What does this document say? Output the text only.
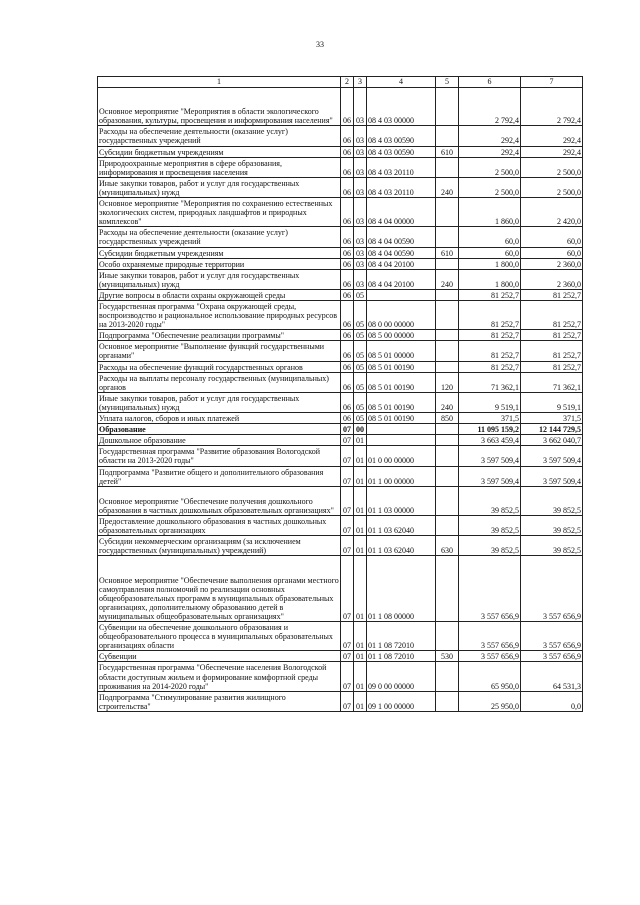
33
1	2	3	4	5	6	7
Основное мероприятие "Мероприятия в области экологического образования, культуры, просвещения и информирования населения"	06	03	08 4 03 00000		2 792,4	2 792,4
Расходы на обеспечение деятельности (оказание услуг) государственных учреждений	06	03	08 4 03 00590		292,4	292,4
Субсидии бюджетным учреждениям	06	03	08 4 03 00590	610	292,4	292,4
Природоохранные мероприятия в сфере образования, информирования и просвещения населения	06	03	08 4 03 20110		2 500,0	2 500,0
Иные закупки товаров, работ и услуг для государственных (муниципальных) нужд	06	03	08 4 03 20110	240	2 500,0	2 500,0
Основное мероприятие "Мероприятия по сохранению естественных экологических систем, природных ландшафтов и природных комплексов"	06	03	08 4 04 00000		1 860,0	2 420,0
Расходы на обеспечение деятельности (оказание услуг) государственных учреждений	06	03	08 4 04 00590		60,0	60,0
Субсидии бюджетным учреждениям	06	03	08 4 04 00590	610	60,0	60,0
Особо охраняемые природные территории	06	03	08 4 04 20100		1 800,0	2 360,0
Иные закупки товаров, работ и услуг для государственных (муниципальных) нужд	06	03	08 4 04 20100	240	1 800,0	2 360,0
Другие вопросы в области охраны окружающей среды	06	05			81 252,7	81 252,7
Государственная программа "Охрана окружающей среды, воспроизводство и рациональное использование природных ресурсов на 2013-2020 годы"	06	05	08 0 00 00000		81 252,7	81 252,7
Подпрограмма "Обеспечение реализации программы"	06	05	08 5 00 00000		81 252,7	81 252,7
Основное мероприятие "Выполнение функций государственными органами"	06	05	08 5 01 00000		81 252,7	81 252,7
Расходы на обеспечение функций государственных органов	06	05	08 5 01 00190		81 252,7	81 252,7
Расходы на выплаты персоналу государственных (муниципальных) органов	06	05	08 5 01 00190	120	71 362,1	71 362,1
Иные закупки товаров, работ и услуг для государственных (муниципальных) нужд	06	05	08 5 01 00190	240	9 519,1	9 519,1
Уплата налогов, сборов и иных платежей	06	05	08 5 01 00190	850	371,5	371,5
Образование	07	00			11 095 159,2	12 144 729,5
Дошкольное образование	07	01			3 663 459,4	3 662 040,7
Государственная программа "Развитие образования Вологодской области на 2013-2020 годы"	07	01	01 0 00 00000		3 597 509,4	3 597 509,4
Подпрограмма "Развитие общего и дополнительного образования детей"	07	01	01 1 00 00000		3 597 509,4	3 597 509,4
Основное мероприятие "Обеспечение получения дошкольного образования в частных дошкольных образовательных организациях"	07	01	01 1 03 00000		39 852,5	39 852,5
Предоставление дошкольного образования в частных дошкольных образовательных организациях	07	01	01 1 03 62040		39 852,5	39 852,5
Субсидии некоммерческим организациям (за исключением государственных (муниципальных) учреждений)	07	01	01 1 03 62040	630	39 852,5	39 852,5
Основное мероприятие "Обеспечение выполнения органами местного самоуправления полномочий по реализации основных общеобразовательных программ в муниципальных образовательных организациях, дополнительному образованию детей в муниципальных общеобразовательных организациях"	07	01	01 1 08 00000		3 557 656,9	3 557 656,9
Субвенции на обеспечение дошкольного образования и общеобразовательного процесса в муниципальных образовательных организациях области	07	01	01 1 08 72010		3 557 656,9	3 557 656,9
Субвенции	07	01	01 1 08 72010	530	3 557 656,9	3 557 656,9
Государственная программа "Обеспечение населения Вологодской области доступным жильем и формирование комфортной среды проживания на 2014-2020 годы"	07	01	09 0 00 00000		65 950,0	64 531,3
Подпрограмма "Стимулирование развития жилищного строительства"	07	01	09 1 00 00000		25 950,0	0,0
